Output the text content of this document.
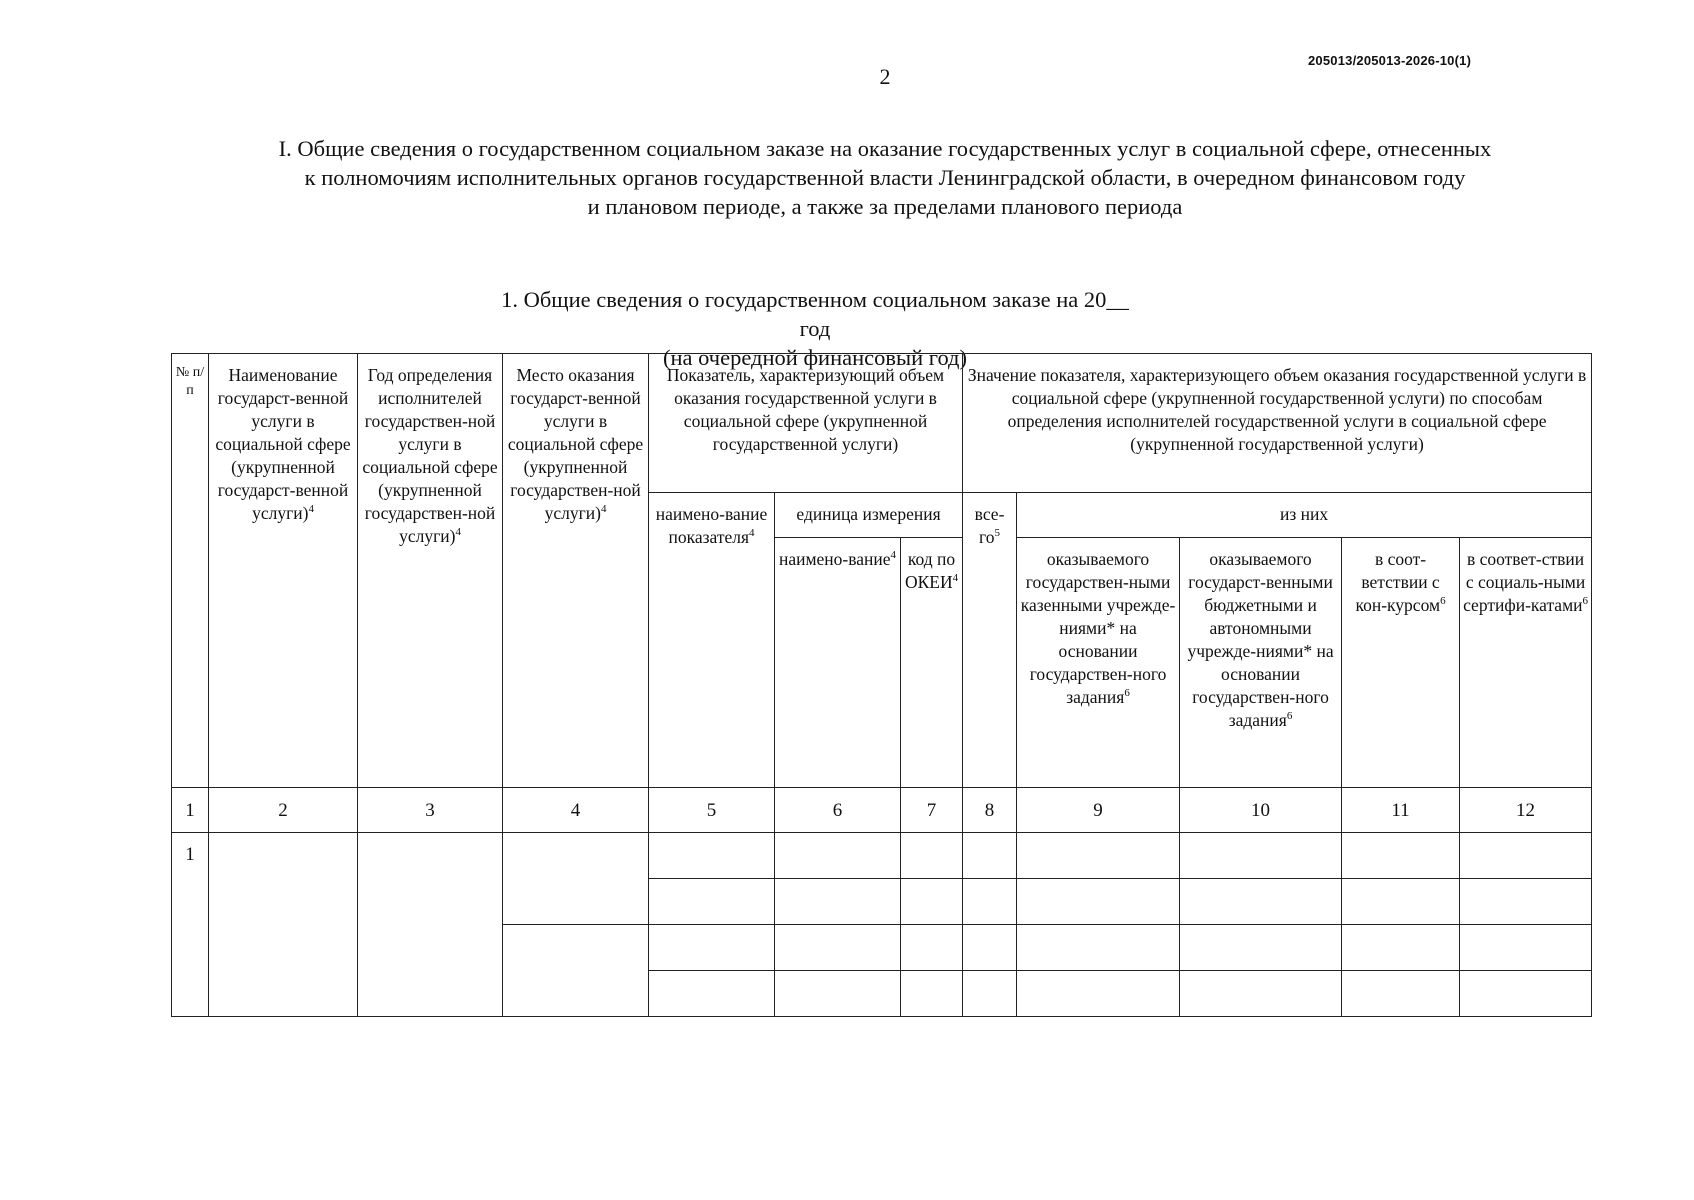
205013/205013-2026-10(1)
2
I. Общие сведения о государственном социальном заказе на оказание государственных услуг в социальной сфере, отнесенных
к полномочиям исполнительных органов государственной власти Ленинградской области, в очередном финансовом году
и плановом периоде, а также за пределами планового периода
1. Общие сведения о государственном социальном заказе на 20__ год
(на очередной финансовый год)
№ п/п	Наименование государст-венной услуги в социальной сфере (укрупненной государст-венной услуги)$^4$	Год определения исполнителей государствен-ной услуги в социальной сфере (укрупненной государствен-ной услуги)$^4$	Место оказания государст-венной услуги в социальной сфере (укрупненной государствен-ной услуги)$^4$	Показатель, характеризующий объем оказания государственной услуги в социальной сфере (укрупненной государственной услуги)			Значение показателя, характеризующего объем оказания государственной услуги в социальной сфере (укрупненной государственной услуги) по способам определения исполнителей государственной услуги в социальной сфере (укрупненной государственной услуги)				
				наимено-вание показателя$^4$	единица измерения		все-$го^5$	из них			
					наимено-вание$^4$	код по ОКЕИ$^4$		оказываемого государствен-ными казенными учрежде-ниями* на основании государствен-ного задания$^6$	оказываемого государст-венными бюджетными и автономными учрежде-ниями* на основании государствен-ного задания$^6$	в соот-ветствии с кон-курсом$^6$	в соответ-ствии с социаль-ными сертифи-катами$^6$
1	2	3	4	5	6	7	8	9	10	11	12
1											
